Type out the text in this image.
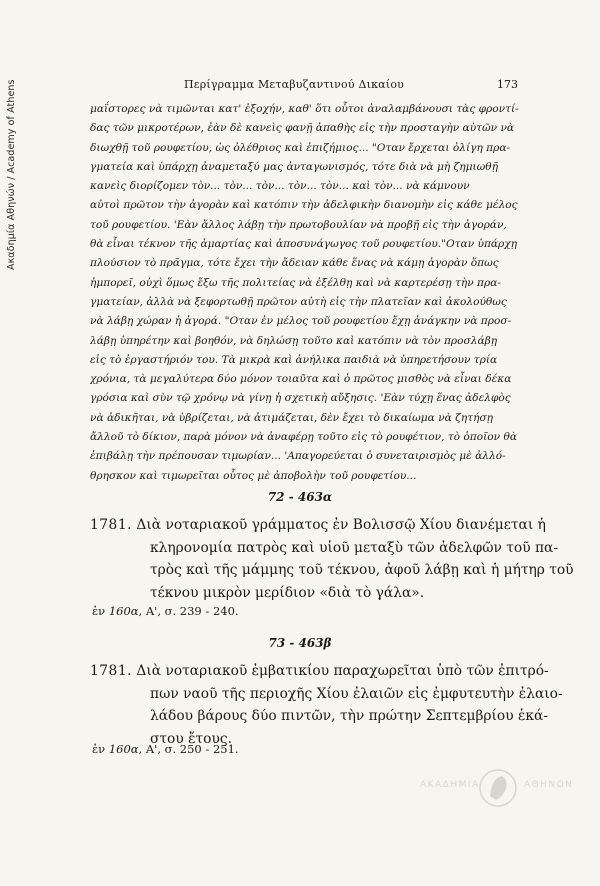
Ακαδημία Αθηνών / Academy of Athens	Περίγραμμα Μεταβυζαντινού Δικαίου	173
μαΐστορες νὰ τιμῶνται κατ' ἐξοχήν, καθ' ὅτι οὗτοι ἀναλαμβάνουσι τὰς φροντί-
δας τῶν μικροτέρων, ἐὰν δὲ κανεὶς φανῇ ἀπαθὴς εἰς τὴν προσταγὴν αὐτῶν νὰ
διωχθῇ τοῦ ρουφετίου, ὡς ὀλέθριος καὶ ἐπιζήμιος... "Οταν ἔρχεται ὀλίγη πρα-
γματεία καὶ ὑπάρχῃ ἀναμεταξύ μας ἀνταγωνισμός, τότε διὰ νὰ μὴ ζημιωθῇ
κανεὶς διορίζομεν τὸν... τὸν... τὸν... τὸν... τὸν... καὶ τὸν... νὰ κάμνουν
αὐτοὶ πρῶτον τὴν ἀγορὰν καὶ κατόπιν τὴν ἀδελφικὴν διανομὴν εἰς κάθε μέλος
τοῦ ρουφετίου. 'Εὰν ἄλλος λάβῃ τὴν πρωτοβουλίαν νὰ προβῇ εἰς τὴν ἀγοράν,
θὰ εἶναι τέκνον τῆς ἁμαρτίας καὶ ἀποσυνάγωγος τοῦ ρουφετίου."Οταν ὑπάρχῃ
πλούσιον τὸ πρᾶγμα, τότε ἔχει τὴν ἄδειαν κάθε ἕνας νὰ κάμῃ ἀγορὰν ὅπως
ἠμπορεῖ, οὐχὶ ὅμως ἔξω τῆς πολιτείας νὰ ἐξέλθῃ καὶ νὰ καρτερέσῃ τὴν πρα-
γματείαν, ἀλλὰ νὰ ξεφορτωθῇ πρῶτον αὐτὴ εἰς τὴν πλατεῖαν καὶ ἀκολούθως
νὰ λάβῃ χώραν ἡ ἀγορά. "Οταν ἐν μέλος τοῦ ρουφετίου ἔχῃ ἀνάγκην νὰ προσ-
λάβῃ ὑπηρέτην καὶ βοηθόν, νὰ δηλώσῃ τοῦτο καὶ κατόπιν νὰ τὸν προσλάβῃ
εἰς τὸ ἐργαστήριόν του. Τὰ μικρὰ καὶ ἀνήλικα παιδιὰ νὰ ὑπηρετήσουν τρία
χρόνια, τὰ μεγαλύτερα δύο μόνον τοιαῦτα καὶ ὁ πρῶτος μισθὸς νὰ εἶναι δέκα
γρόσια καὶ σὺν τῷ χρόνῳ νὰ γίνῃ ἡ σχετικὴ αὔξησις. 'Εὰν τύχῃ ἕνας ἀδελφὸς
νὰ ἀδικῆται, νὰ ὑβρίζεται, νὰ ἀτιμάζεται, δὲν ἔχει τὸ δικαίωμα νὰ ζητήσῃ
ἄλλοῦ τὸ δίκιον, παρὰ μόνον νὰ ἀναφέρῃ τοῦτο εἰς τὸ ρουφέτιον, τὸ ὁποῖον θὰ
ἐπιβάλῃ τὴν πρέπουσαν τιμωρίαν... 'Απαγορεύεται ὁ συνεταιρισμὸς μὲ ἀλλό-
θρησκον καὶ τιμωρεῖται οὗτος μὲ ἀποβολὴν τοῦ ρουφετίου...
72 - 463α
1781. Διὰ νοταριακοῦ γράμματος ἐν Βολισσῷ Χίου διανέμεται ἡ
κληρονομία πατρὸς καὶ υἱοῦ μεταξὺ τῶν ἀδελφῶν τοῦ πα-
τρὸς καὶ τῆς μάμμης τοῦ τέκνου, ἀφοῦ λάβῃ καὶ ἡ μήτηρ τοῦ
τέκνου μικρὸν μερίδιον «διὰ τὸ γάλα».
ἐν 160α, Α', σ. 239 - 240.
73 - 463β
1781. Διὰ νοταριακοῦ ἐμβατικίου παραχωρεῖται ὑπὸ τῶν ἐπιτρό-
πων ναοῦ τῆς περιοχῆς Χίου ἐλαιῶν εἰς ἐμφυτευτὴν ἐλαιο-
λάδου βάρους δύο πιντῶν, τὴν πρώτην Σεπτεμβρίου ἑκά-
στου ἔτους.
ἐν 160α, Α', σ. 250 - 251.
ΑΚΑΔΗΜΙΑ	ΑΘΗΝΩΝ
